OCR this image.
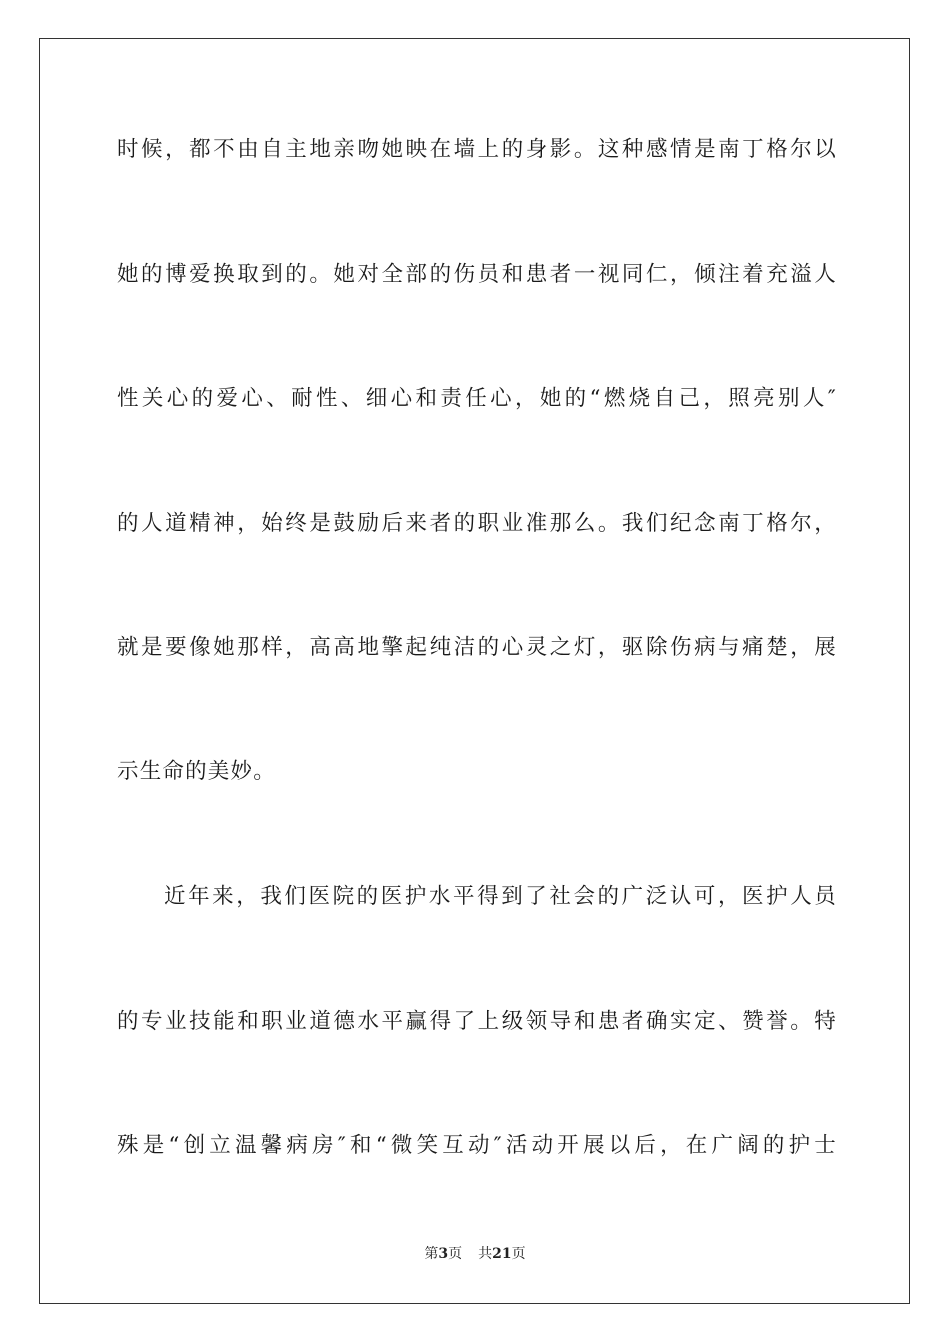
时候，都不由自主地亲吻她映在墙上的身影。这种感情是南丁格尔以
她的博爱换取到的。她对全部的伤员和患者一视同仁，倾注着充溢人
性关心的爱心、耐性、细心和责任心，她的“燃烧自己，照亮别人″
的人道精神，始终是鼓励后来者的职业准那么。我们纪念南丁格尔，
就是要像她那样，高高地擎起纯洁的心灵之灯，驱除伤病与痛楚，展
示生命的美妙。
近年来，我们医院的医护水平得到了社会的广泛认可，医护人员
的专业技能和职业道德水平赢得了上级领导和患者确实定、赞誉。特
殊是“创立温馨病房″和“微笑互动″活动开展以后，在广阔的护士
第3页 共21页
